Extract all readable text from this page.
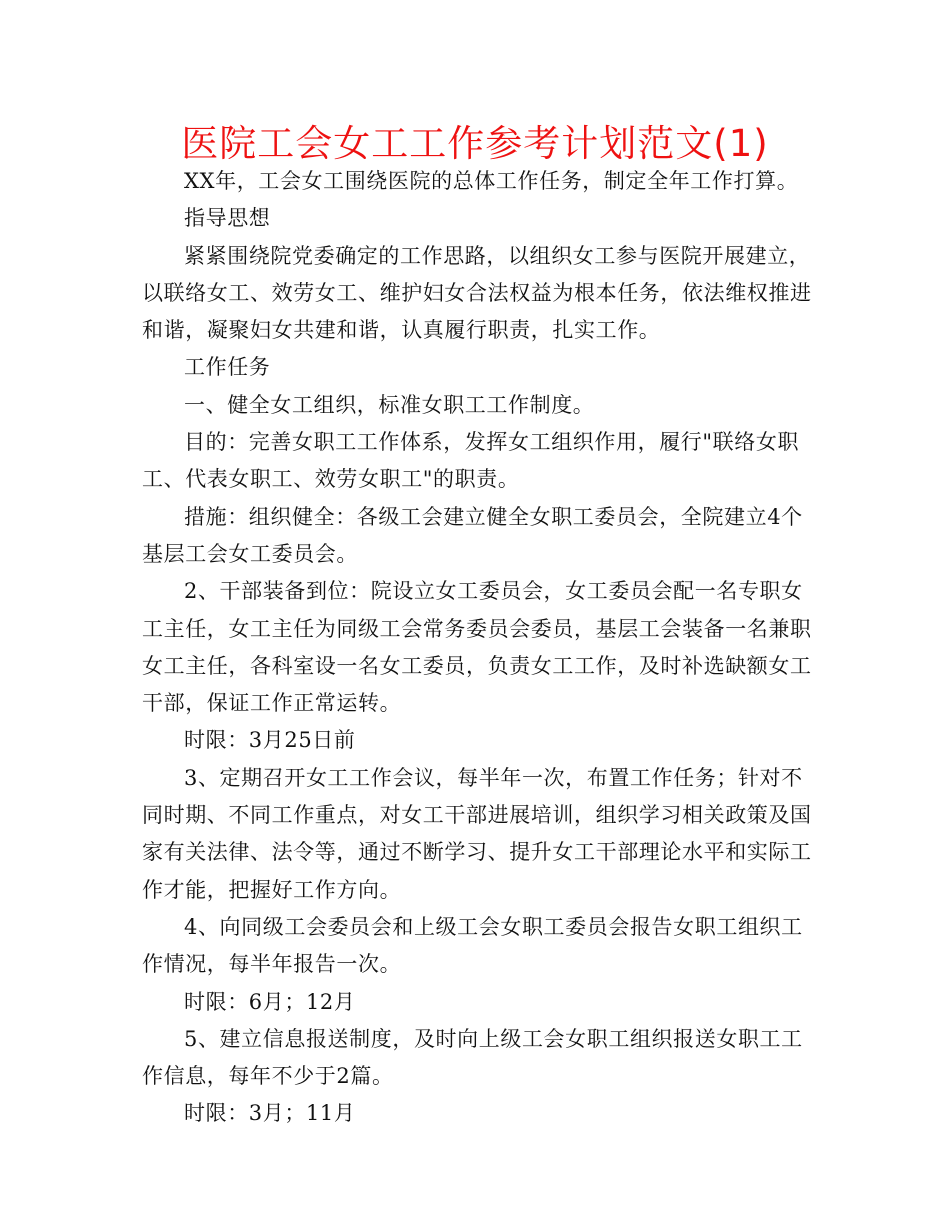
医院工会女工工作参考计划范文(1)

XX年，工会女工围绕医院的总体工作任务，制定全年工作打算。

指导思想

紧紧围绕院党委确定的工作思路，以组织女工参与医院开展建立，以联络女工、效劳女工、维护妇女合法权益为根本任务，依法维权推进和谐，凝聚妇女共建和谐，认真履行职责，扎实工作。

工作任务

一、健全女工组织，标准女职工工作制度。

目的：完善女职工工作体系，发挥女工组织作用，履行"联络女职工、代表女职工、效劳女职工"的职责。

措施：组织健全：各级工会建立健全女职工委员会，全院建立4个基层工会女工委员会。

2、干部装备到位：院设立女工委员会，女工委员会配一名专职女工主任，女工主任为同级工会常务委员会委员，基层工会装备一名兼职女工主任，各科室设一名女工委员，负责女工工作，及时补选缺额女工干部，保证工作正常运转。

时限：3月25日前

3、定期召开女工工作会议，每半年一次，布置工作任务；针对不同时期、不同工作重点，对女工干部进展培训，组织学习相关政策及国家有关法律、法令等，通过不断学习、提升女工干部理论水平和实际工作才能，把握好工作方向。

4、向同级工会委员会和上级工会女职工委员会报告女职工组织工作情况，每半年报告一次。

时限：6月；12月

5、建立信息报送制度，及时向上级工会女职工组织报送女职工工作信息，每年不少于2篇。

时限：3月；11月
